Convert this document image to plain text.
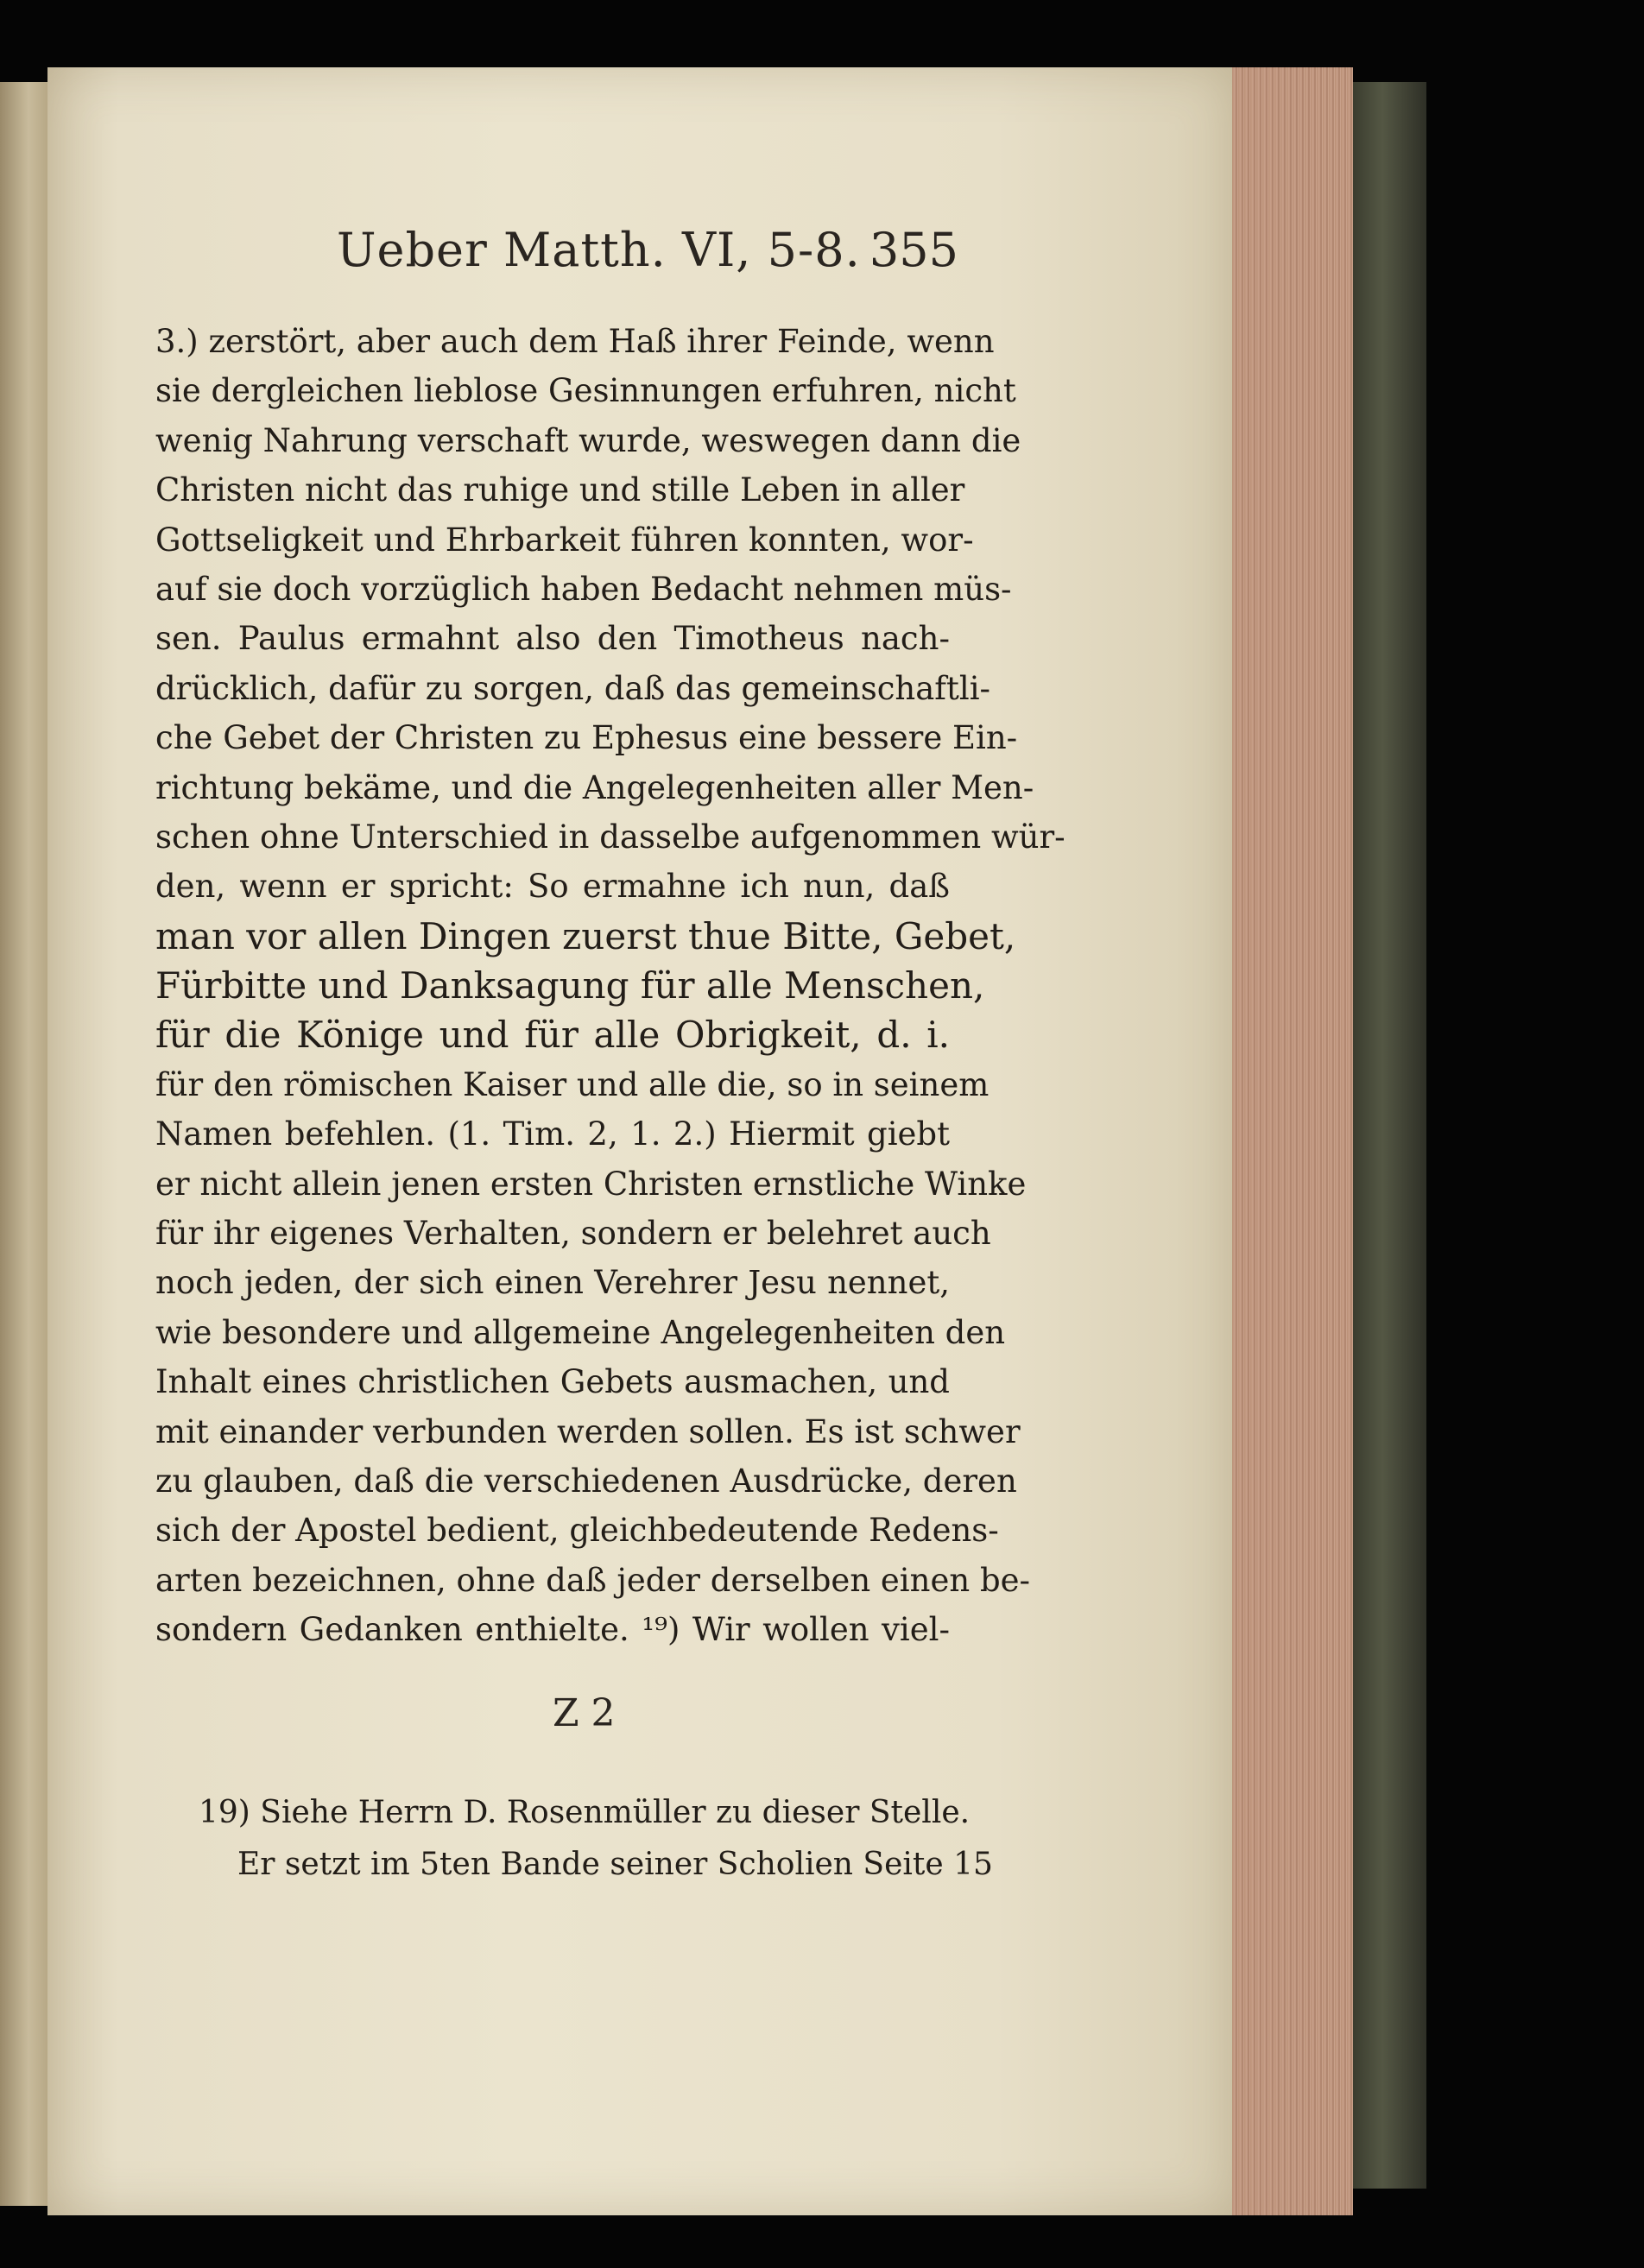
Ueber Matth. VI, 5-8. 355
3.) zerstört, aber auch dem Haß ihrer Feinde, wenn
sie dergleichen lieblose Gesinnungen erfuhren, nicht
wenig Nahrung verschaft wurde, weswegen dann die
Christen nicht das ruhige und stille Leben in aller
Gottseligkeit und Ehrbarkeit führen konnten, wor-
auf sie doch vorzüglich haben Bedacht nehmen müs-
sen. Paulus ermahnt also den Timotheus nach-
drücklich, dafür zu sorgen, daß das gemeinschaftli-
che Gebet der Christen zu Ephesus eine bessere Ein-
richtung bekäme, und die Angelegenheiten aller Men-
schen ohne Unterschied in dasselbe aufgenommen wür-
den, wenn er spricht: So ermahne ich nun, daß
man vor allen Dingen zuerst thue Bitte, Gebet,
Fürbitte und Danksagung für alle Menschen,
für die Könige und für alle Obrigkeit, d. i.
für den römischen Kaiser und alle die, so in seinem
Namen befehlen. (1. Tim. 2, 1. 2.) Hiermit giebt
er nicht allein jenen ersten Christen ernstliche Winke
für ihr eigenes Verhalten, sondern er belehret auch
noch jeden, der sich einen Verehrer Jesu nennet,
wie besondere und allgemeine Angelegenheiten den
Inhalt eines christlichen Gebets ausmachen, und
mit einander verbunden werden sollen. Es ist schwer
zu glauben, daß die verschiedenen Ausdrücke, deren
sich der Apostel bedient, gleichbedeutende Redens-
arten bezeichnen, ohne daß jeder derselben einen be-
sondern Gedanken enthielte. ¹⁹) Wir wollen viel-
Z 2
19) Siehe Herrn D. Rosenmüller zu dieser Stelle.
Er setzt im 5ten Bande seiner Scholien Seite 15
